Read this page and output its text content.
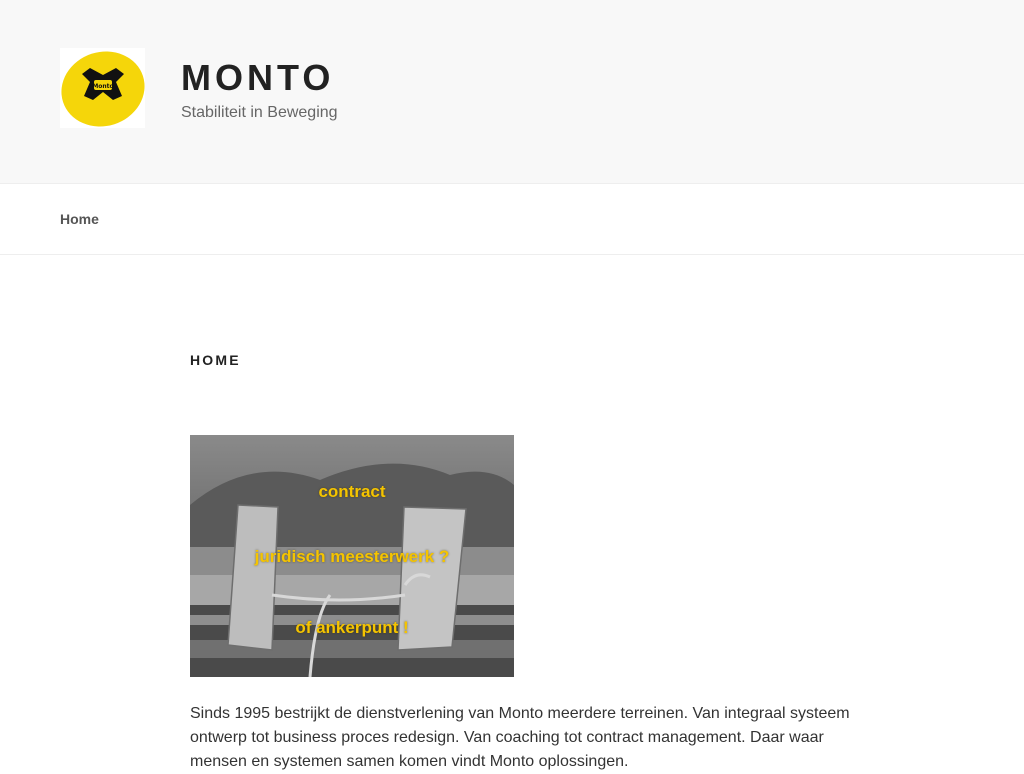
Monto MONTO

Stabiliteit in Beweging

Home
HOME
contract
juridisch meesterwerk ?
of ankerpunt !

Sinds 1995 bestrijkt de dienstverlening van Monto meerdere terreinen. Van integraal systeem ontwerp tot business proces redesign. Van coaching tot contract management. Daar waar mensen en systemen samen komen vindt Monto oplossingen.
